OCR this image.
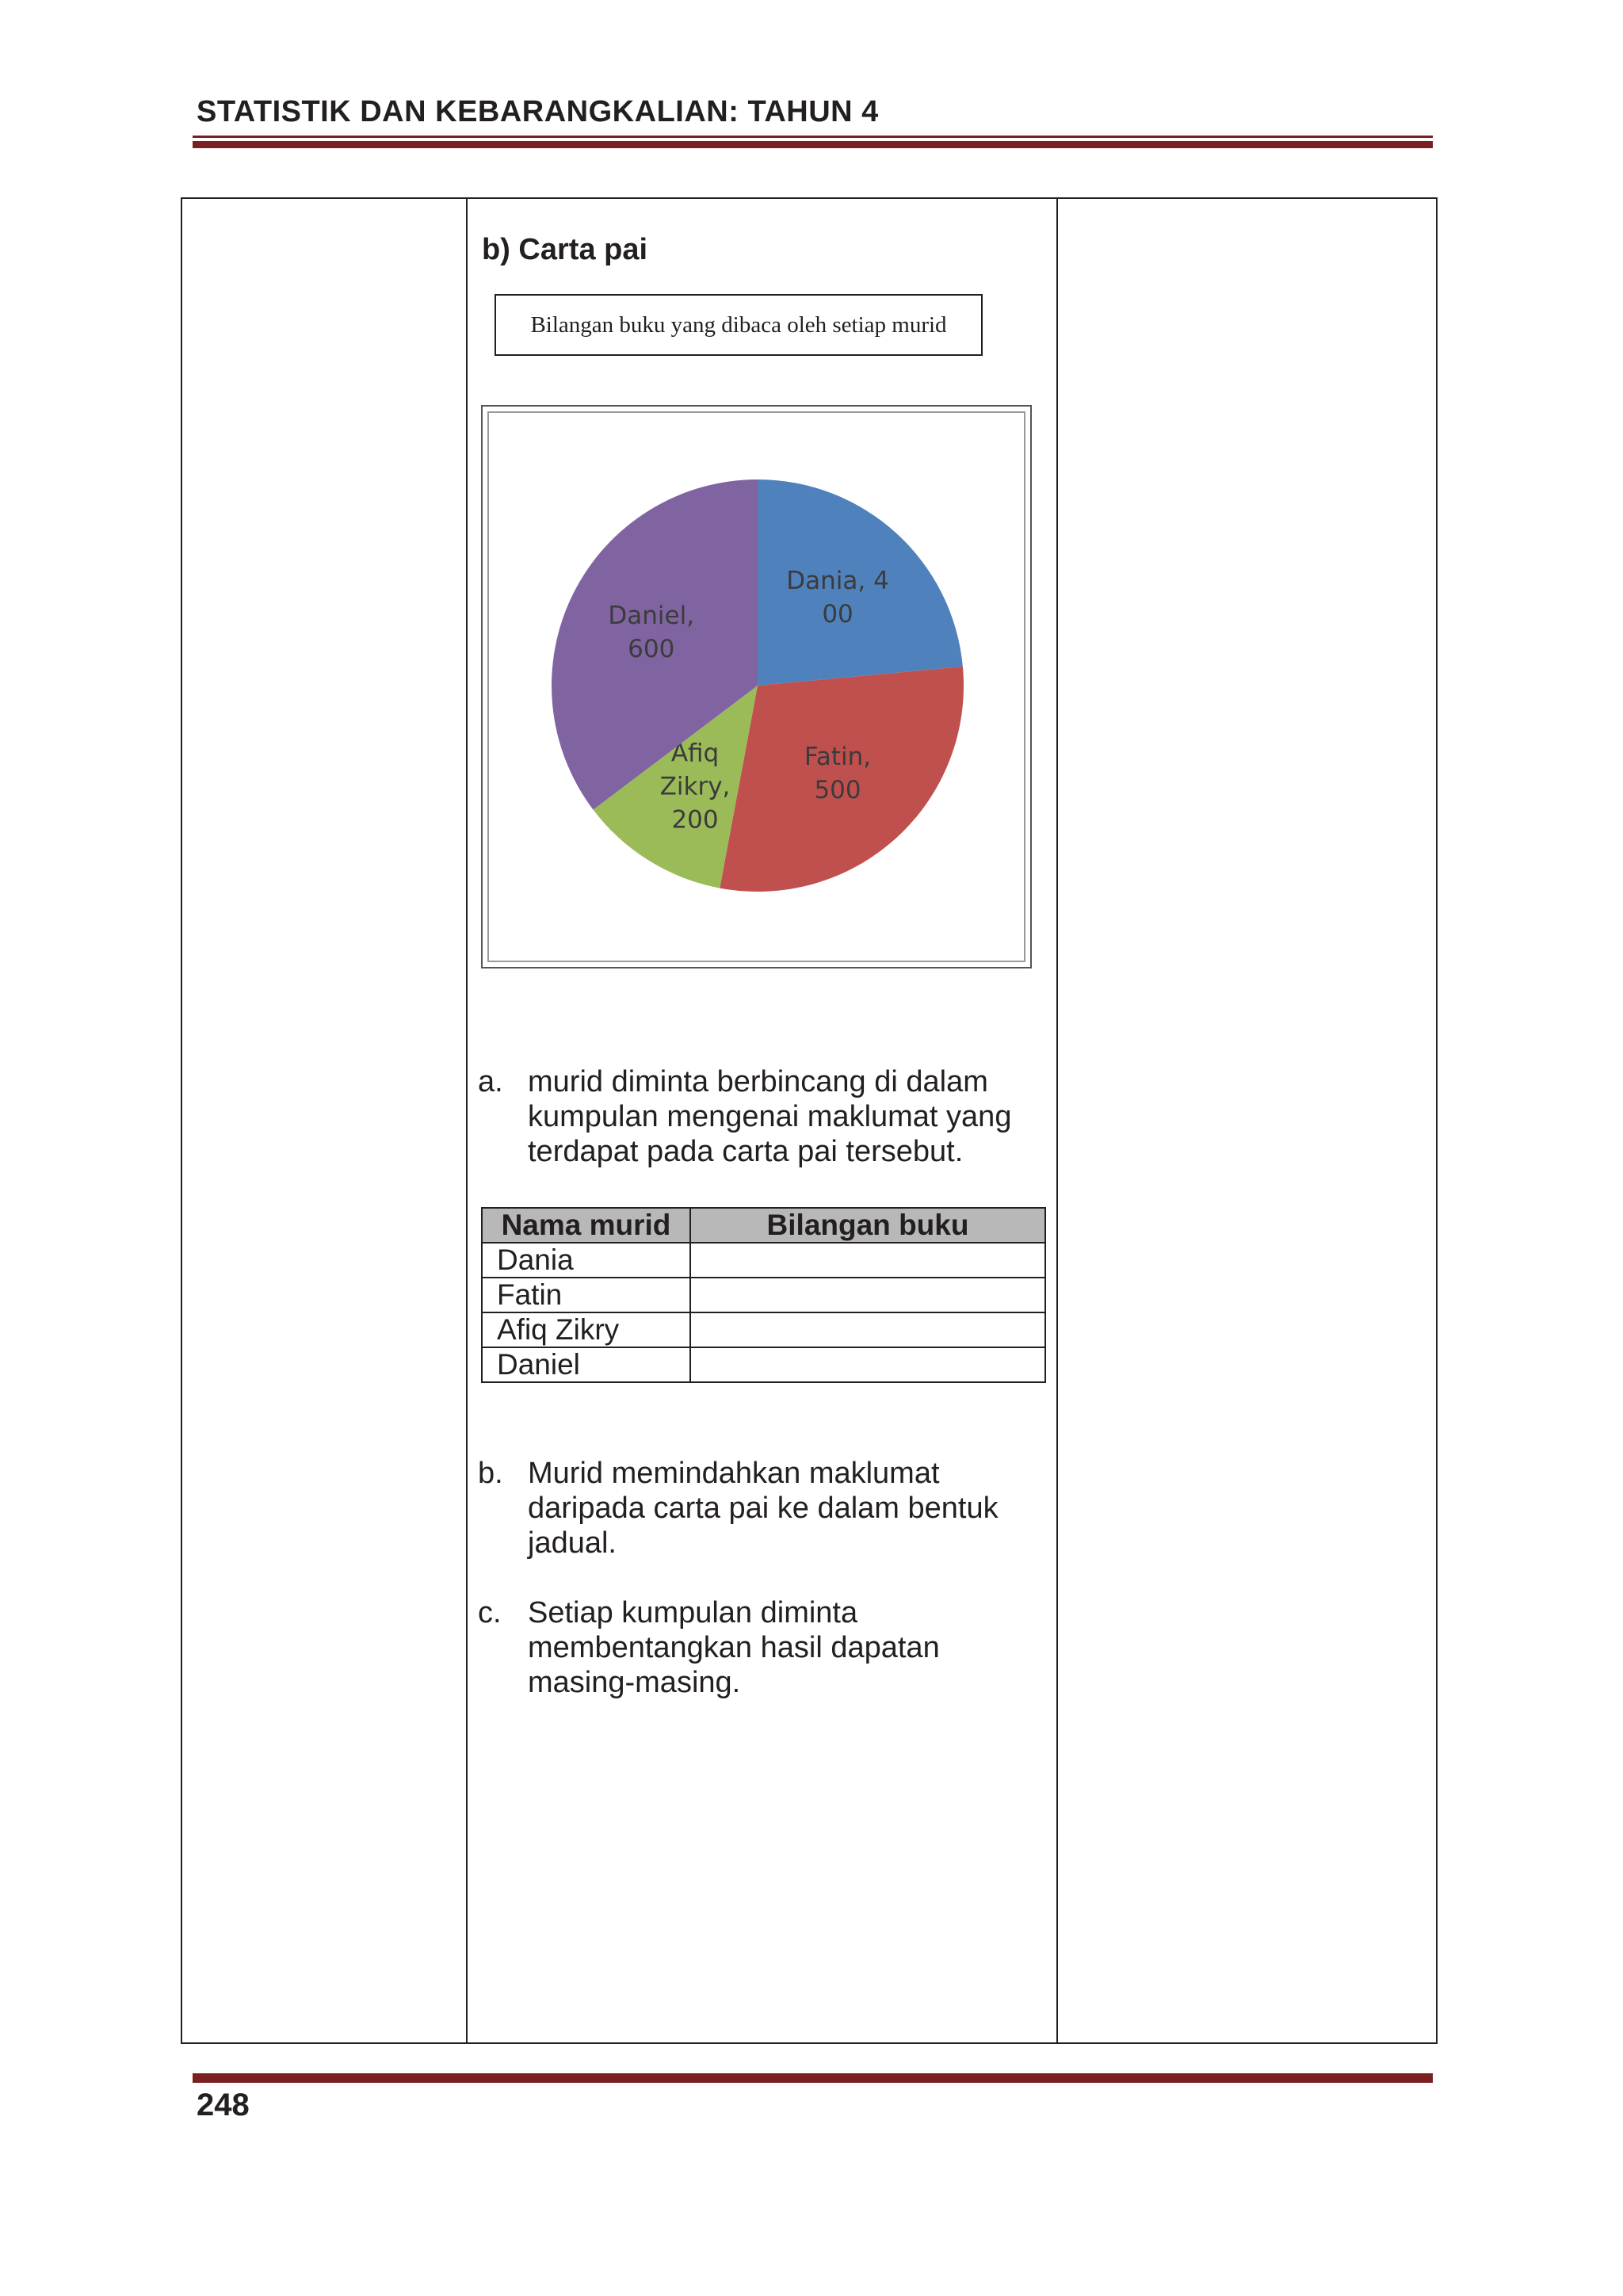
STATISTIK DAN KEBARANGKALIAN: TAHUN 4
b) Carta pai
Bilangan buku yang dibaca oleh setiap murid
Dania, 4
00
Fatin,
500
Afiq
Zikry,
200
Daniel,
600
a. murid diminta berbincang di dalam kumpulan mengenai maklumat yang terdapat pada carta pai tersebut.
Nama murid	Bilangan buku
Dania	
Fatin	
Afiq Zikry	
Daniel	
b. Murid memindahkan maklumat daripada carta pai ke dalam bentuk jadual.
c. Setiap kumpulan diminta membentangkan hasil dapatan masing-masing.
248
